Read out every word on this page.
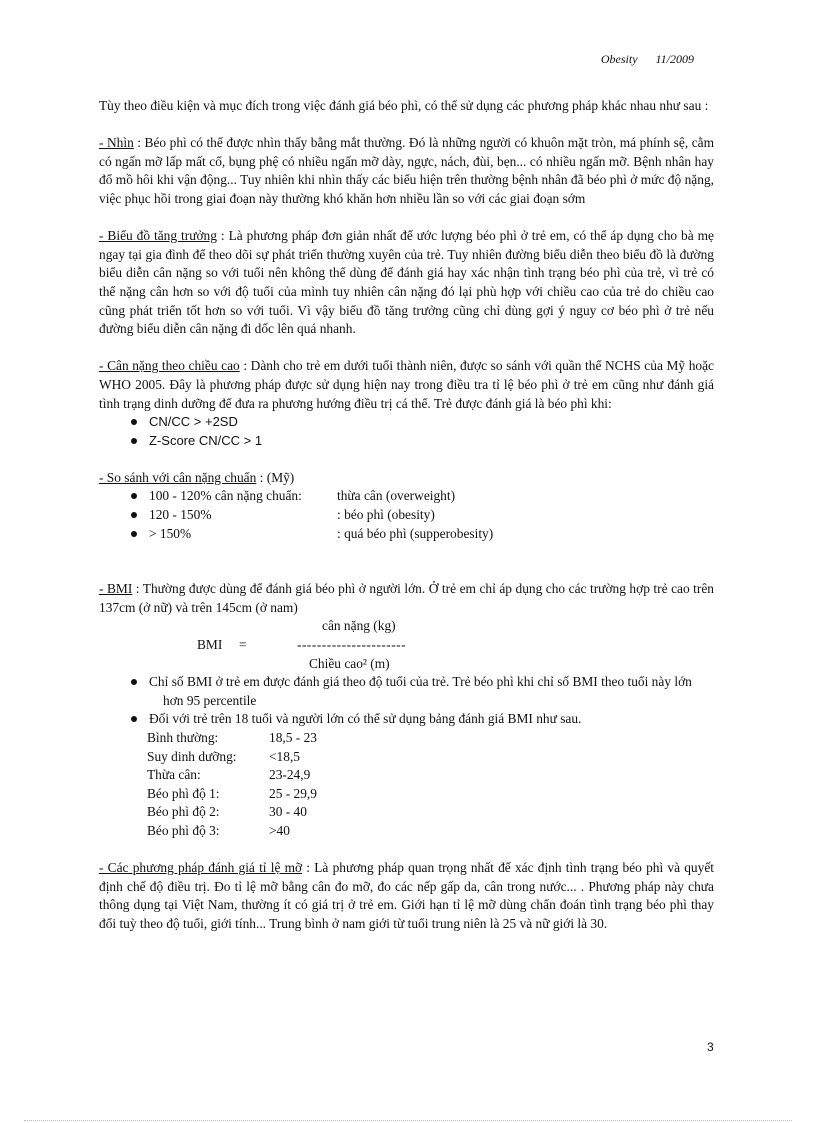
Obesity 11/2009

Tùy theo điều kiện và mục đích trong việc đánh giá béo phì, có thể sử dụng các phương pháp khác nhau như sau :

- Nhìn : Béo phì có thể được nhìn thấy bằng mắt thường. Đó là những người có khuôn mặt tròn, má phính sệ, cằm có ngấn mỡ lấp mất cổ, bụng phệ có nhiều ngấn mỡ dày, ngực, nách, đùi, bẹn... có nhiều ngấn mỡ. Bệnh nhân hay đổ mồ hôi khi vận động... Tuy nhiên khi nhìn thấy các biểu hiện trên thường bệnh nhân đã béo phì ở mức độ nặng, việc phục hồi trong giai đoạn này thường khó khăn hơn nhiều lần so với các giai đoạn sớm

- Biểu đồ tăng trưởng : Là phương pháp đơn giản nhất để ước lượng béo phì ở trẻ em, có thể áp dụng cho bà mẹ ngay tại gia đình để theo dõi sự phát triển thường xuyên của trẻ. Tuy nhiên đường biểu diễn theo biểu đồ là đường biểu diễn cân nặng so với tuổi nên không thể dùng để đánh giá hay xác nhận tình trạng béo phì của trẻ, vì trẻ có thể nặng cân hơn so với độ tuổi của mình tuy nhiên cân nặng đó lại phù hợp với chiều cao của trẻ do chiều cao cũng phát triển tốt hơn so với tuổi. Vì vậy biểu đồ tăng trưởng cũng chỉ dùng gợi ý nguy cơ béo phì ở trẻ nếu đường biểu diễn cân nặng đi dốc lên quá nhanh.

- Cân nặng theo chiều cao : Dành cho trẻ em dưới tuổi thành niên, được so sánh với quần thể NCHS của Mỹ hoặc WHO 2005. Đây là phương pháp được sử dụng hiện nay trong điều tra tỉ lệ béo phì ở trẻ em cũng như đánh giá tình trạng dinh dưỡng để đưa ra phương hướng điều trị cá thể. Trẻ được đánh giá là béo phì khi:

CN/CC > +2SD
Z-Score CN/CC > 1

- So sánh với cân nặng chuẩn : (Mỹ)

100 - 120% cân nặng chuẩn:	thừa cân (overweight)
120 - 150%	: béo phì (obesity)
> 150%	: quá béo phì (supperobesity)

- BMI : Thường được dùng để đánh giá béo phì ở người lớn. Ở trẻ em chỉ áp dụng cho các trường hợp trẻ cao trên 137cm (ở nữ) và trên 145cm (ở nam)

cân nặng (kg)
BMI     =	----------------------
Chiều cao² (m)
Chỉ số BMI ở trẻ em được đánh giá theo độ tuổi của trẻ. Trẻ béo phì khi chỉ số BMI theo tuổi này lớn hơn 95 percentile
Đối với trẻ trên 18 tuổi và người lớn có thể sử dụng bảng đánh giá BMI như sau.
Bình thường:	18,5 - 23
Suy dinh dưỡng:	<18,5
Thừa cân:	23-24,9
Béo phì độ 1:	25 - 29,9
Béo phì độ 2:	30 - 40
Béo phì độ 3:	>40

- Các phương pháp đánh giá tỉ lệ mỡ : Là phương pháp quan trọng nhất để xác định tình trạng béo phì và quyết định chế độ điều trị. Đo tỉ lệ mỡ bằng cân đo mỡ, đo các nếp gấp da, cân trong nước... . Phương pháp này chưa thông dụng tại Việt Nam, thường ít có giá trị ở trẻ em. Giới hạn tỉ lệ mỡ dùng chẩn đoán tình trạng béo phì thay đổi tuỳ theo độ tuổi, giới tính... Trung bình ở nam giới từ tuổi trung niên là 25 và nữ giới là 30.

3
